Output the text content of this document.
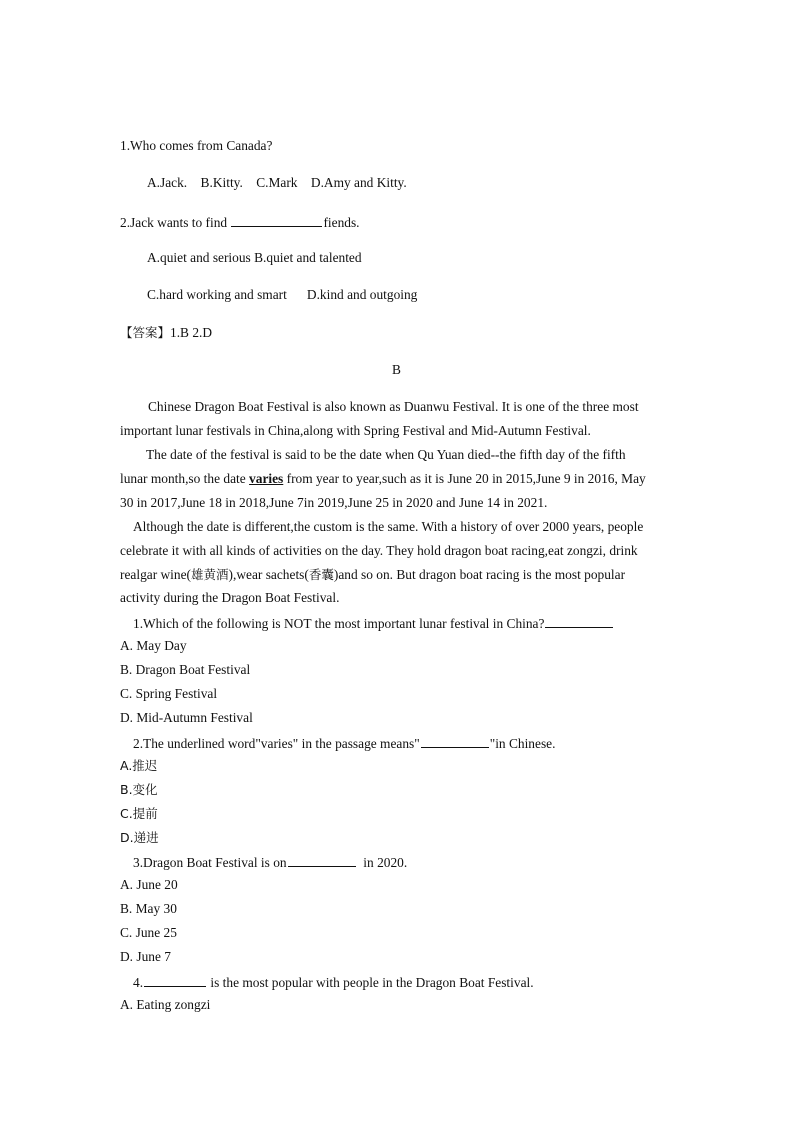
1.Who comes from Canada?
A.Jack.    B.Kitty.    C.Mark    D.Amy and Kitty.
2.Jack wants to find	fiends.
A.quiet and serious B.quiet and talented
C.hard working and smart      D.kind and outgoing
【答案】1.B 2.D
B
Chinese Dragon Boat Festival is also known as Duanwu Festival. It is one of the three most
important lunar festivals in China,along with Spring Festival and Mid-Autumn Festival.
The date of the festival is said to be the date when Qu Yuan died--the fifth day of the fifth
lunar month,so the date varies from year to year,such as it is June 20 in 2015,June 9 in 2016, May
30 in 2017,June 18 in 2018,June 7in 2019,June 25 in 2020 and June 14 in 2021.
Although the date is different,the custom is the same. With a history of over 2000 years, people
celebrate it with all kinds of activities on the day. They hold dragon boat racing,eat zongzi, drink
realgar wine(雄黄酒),wear sachets(香囊)and so on. But dragon boat racing is the most popular
activity during the Dragon Boat Festival.
1.Which of the following is NOT the most important lunar festival in China?
A. May Day
B. Dragon Boat Festival
C. Spring Festival
D. Mid-Autumn Festival
2.The underlined word"varies" in the passage means"	"in Chinese.
A.推迟
B.变化
C.提前
D.递进
3.Dragon Boat Festival is on	in 2020.
A. June 20
B. May 30
C. June 25
D. June 7
4.	is the most popular with people in the Dragon Boat Festival.
A. Eating zongzi
